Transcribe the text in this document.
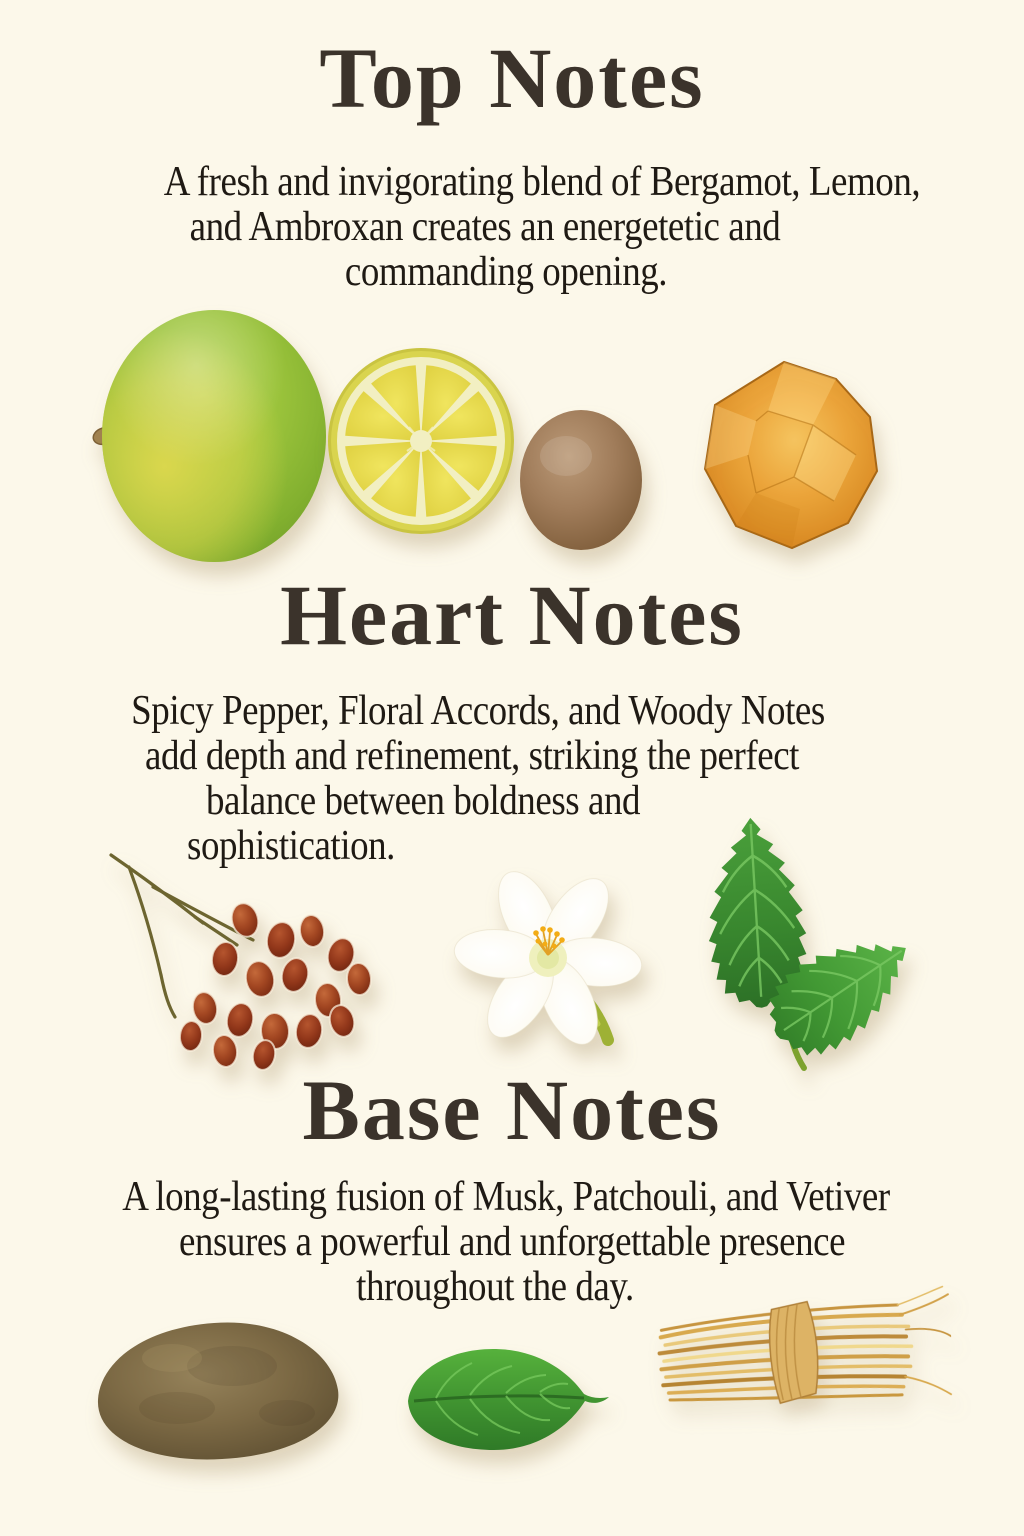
Top Notes
A fresh and invigorating blend of Bergamot, Lemon,
and Ambroxan creates an energetetic and
commanding opening.
Heart Notes
Spicy Pepper, Floral Accords, and Woody Notes
add depth and refinement, striking the perfect
balance between boldness and
sophistication.
Base Notes
A long-lasting fusion of Musk, Patchouli, and Vetiver
ensures a powerful and unforgettable presence
throughout the day.
